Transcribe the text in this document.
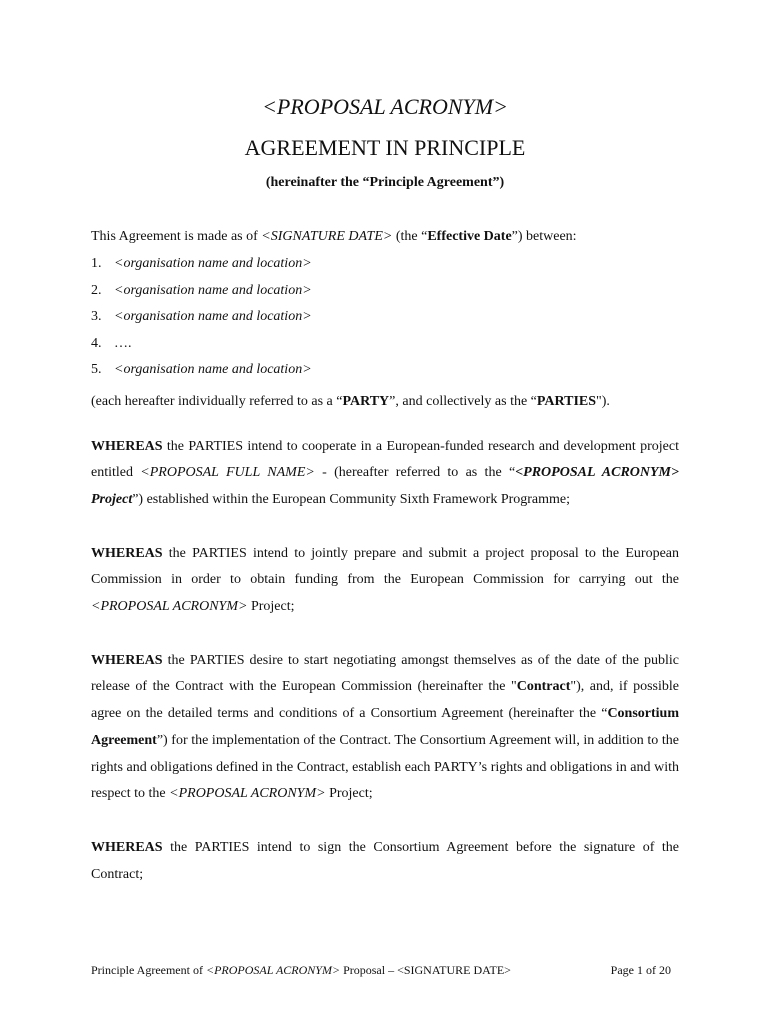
<PROPOSAL ACRONYM>
AGREEMENT IN PRINCIPLE
(hereinafter the “Principle Agreement”)

This Agreement is made as of <SIGNATURE DATE> (the “Effective Date”) between:

1. <organisation name and location>
2. <organisation name and location>
3. <organisation name and location>
4. ….
5. <organisation name and location>

(each hereafter individually referred to as a “PARTY”, and collectively as the “PARTIES").

WHEREAS the PARTIES intend to cooperate in a European-funded research and development project entitled <PROPOSAL FULL NAME> - (hereafter referred to as the “<PROPOSAL ACRONYM> Project”) established within the European Community Sixth Framework Programme;

WHEREAS the PARTIES intend to jointly prepare and submit a project proposal to the European Commission in order to obtain funding from the European Commission for carrying out the <PROPOSAL ACRONYM> Project;

WHEREAS the PARTIES desire to start negotiating amongst themselves as of the date of the public release of the Contract with the European Commission (hereinafter the "Contract"), and, if possible agree on the detailed terms and conditions of a Consortium Agreement (hereinafter the “Consortium Agreement”) for the implementation of the Contract. The Consortium Agreement will, in addition to the rights and obligations defined in the Contract, establish each PARTY’s rights and obligations in and with respect to the <PROPOSAL ACRONYM> Project;

WHEREAS the PARTIES intend to sign the Consortium Agreement before the signature of the Contract;

Principle Agreement of <PROPOSAL ACRONYM> Proposal – <SIGNATURE DATE>	Page 1 of 20
